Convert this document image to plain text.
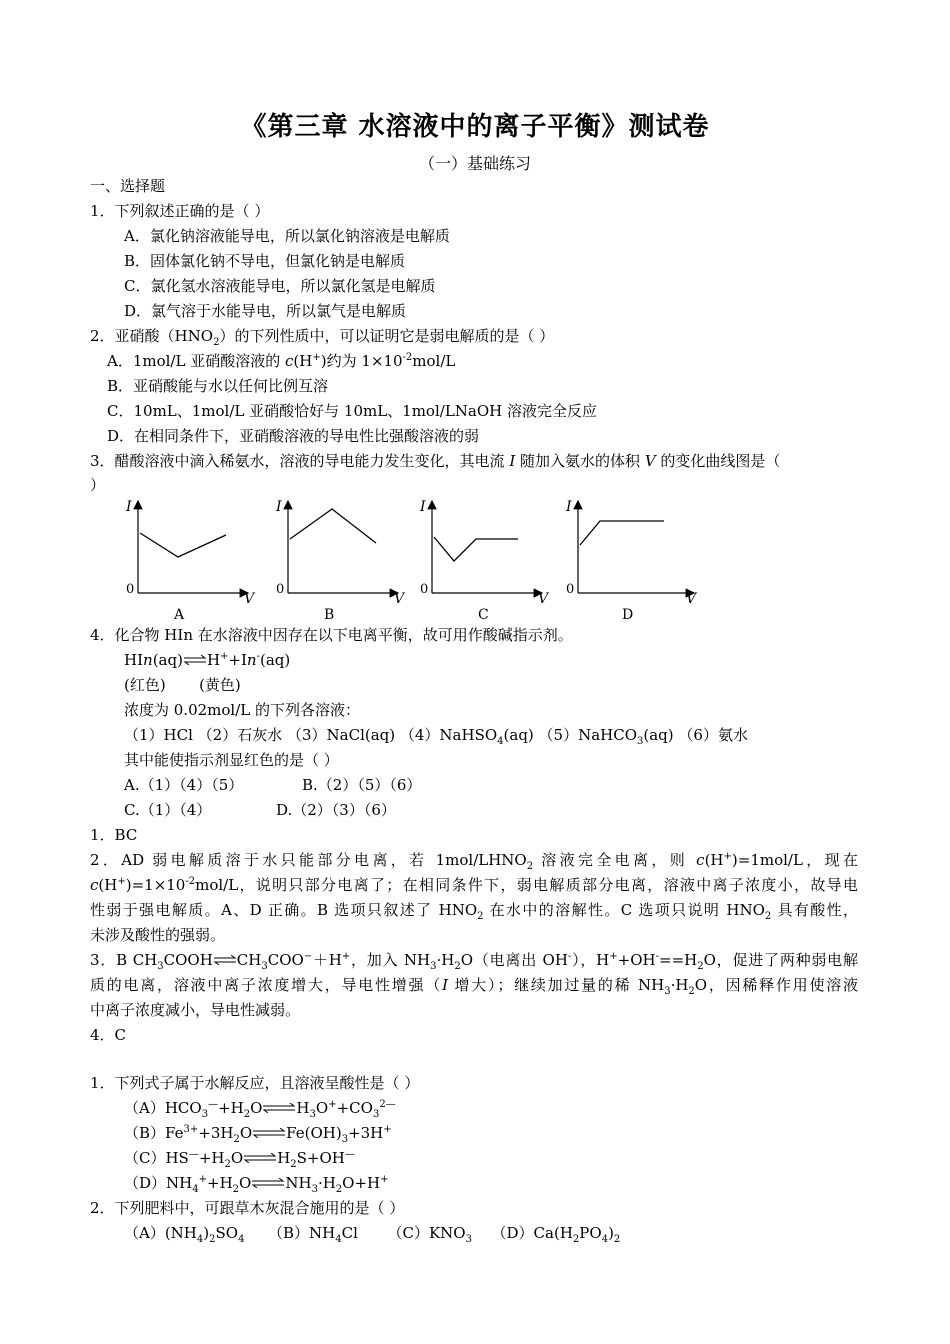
《第三章 水溶液中的离子平衡》测试卷
（一）基础练习
一、选择题
1．下列叙述正确的是（ ）
A．氯化钠溶液能导电，所以氯化钠溶液是电解质
B．固体氯化钠不导电，但氯化钠是电解质
C．氯化氢水溶液能导电，所以氯化氢是电解质
D．氯气溶于水能导电，所以氯气是电解质
2．亚硝酸$(HNO_2)$的下列性质中，可以证明它是弱电解质的是（ ）
A．1mol/L 亚硝酸溶液的 c(H+)约为 $1\times 10^{-2}mol/L$
B．亚硝酸能与水以任何比例互溶
C．10mL、1mol/L 亚硝酸恰好与 10mL、1mol/LNaOH 溶液完全反应
D．在相同条件下，亚硝酸溶液的导电性比强酸溶液的弱
3．醋酸溶液中滴入稀氨水，溶液的导电能力发生变化，其电流 I 随加入氨水的体积 V 的变化曲线图是（
）
I
0
V
A
I
0
V
B
I
0
V
C
I
0
V
D
4．化合物 HIn 在水溶液中因存在以下电离平衡，故可用作酸碱指示剂。
HIn(aq)⇌H++In-(aq)
(红色)       (黄色)
浓度为 0.02mol/L 的下列各溶液：
（1）HCl （2）石灰水 （3）NaCl(aq) （4）NaHSO$_4$(aq) （5）NaHCO$_3$(aq) （6）氨水
其中能使指示剂显红色的是（ ）
A.（1）（4）（5）	B.（2）（5）（6）
C.（1）（4）	D.（2）（3）（6）
1．BC
2．AD 弱电解质溶于水只能部分电离，若 $1mol/LHNO_2$ 溶液完全电离，则 c(H+)=1mol/L，现在
$c(H^+)=1\times 10^{-2}mol/L$，说明只部分电离了；在相同条件下，弱电解质部分电离，溶液中离子浓度小，故导电
性弱于强电解质。A、D 正确。B 选项只叙述了 $HNO_2$ 在水中的溶解性。C 选项只说明 $HNO_2$ 具有酸性，
未涉及酸性的强弱。
3．B $CH_3COOH\rightleftharpoons CH_3COO^-+H^+$，加入 $NH_3\cdot H_2O$（电离出 OH-），$H^++OH^-==H_2O$，促进了两种弱电解
质的电离，溶液中离子浓度增大，导电性增强（I 增大）；继续加过量的稀 $NH_3\cdot H_2O$，因稀释作用使溶液
中离子浓度减小，导电性减弱。
4．C
1．下列式子属于水解反应，且溶液呈酸性是（ ）
$(A)HCO_3^—+H_2O\rightleftharpoons H_3O^++CO_3^{2—}$
$(B)Fe^{3+}+3H_2O\rightleftharpoons Fe(OH)_3+3H^+$
$(C)HS^—+H_2O\rightleftharpoons H_2S+OH^—$
$(D)NH_4^++H_2O\rightleftharpoons NH_3\cdot H_2O+H^+$
2．下列肥料中，可跟草木灰混合施用的是（ ）
$(A)(NH_4)_2SO_4$ $(B)NH_4Cl$ $(C)KNO_3$ $(D)Ca(H_2PO_4)_2$
